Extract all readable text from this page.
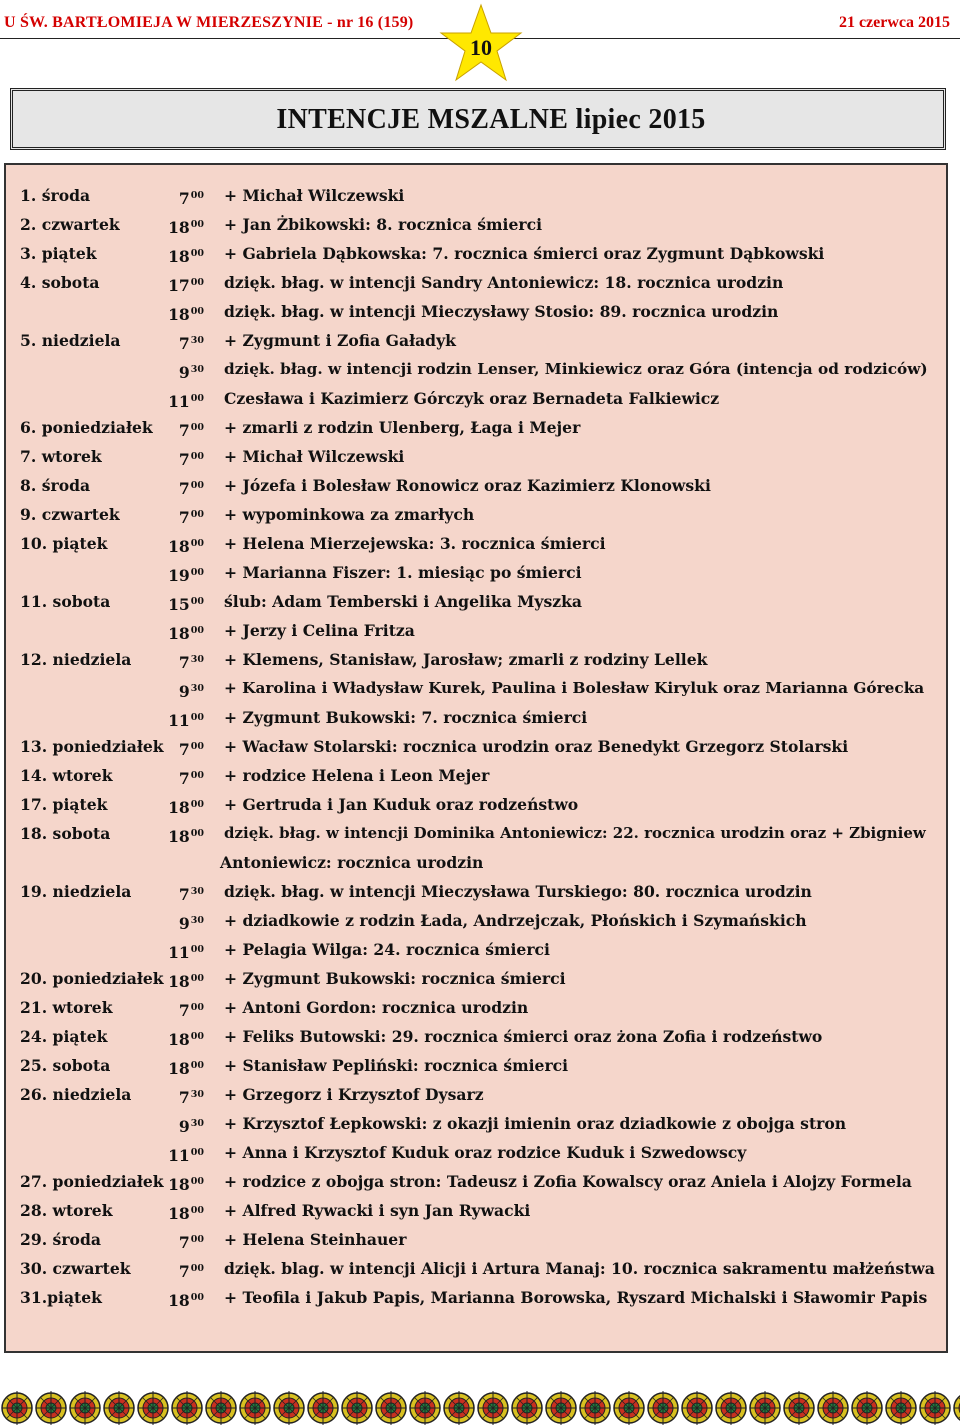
U ŚW. BARTŁOMIEJA W MIERZESZYNIE - nr 16 (159)	21 czerwca 2015
10
INTENCJE MSZALNE lipiec 2015
1. środa	$7^{00}$ + Michał Wilczewski
2. czwartek	$18^{00}$ + Jan Żbikowski: 8. rocznica śmierci
3. piątek	$18^{00}$ + Gabriela Dąbkowska: 7. rocznica śmierci oraz Zygmunt Dąbkowski
4. sobota	$17^{00}$ dzięk. błag. w intencji Sandry Antoniewicz: 18. rocznica urodzin
$18^{00}$ dzięk. błag. w intencji Mieczysławy Stosio: 89. rocznica urodzin
5. niedziela	$7^{30}$ + Zygmunt i Zofia Gaładyk
$9^{30}$ dzięk. błag. w intencji rodzin Lenser, Minkiewicz oraz Góra (intencja od rodziców)
$11^{00}$ Czesława i Kazimierz Górczyk oraz Bernadeta Falkiewicz
6. poniedziałek	$7^{00}$ + zmarli z rodzin Ulenberg, Łaga i Mejer
7. wtorek	$7^{00}$ + Michał Wilczewski
8. środa	$7^{00}$ + Józefa i Bolesław Ronowicz oraz Kazimierz Klonowski
9. czwartek	$7^{00}$ + wypominkowa za zmarłych
10. piątek	$18^{00}$ + Helena Mierzejewska: 3. rocznica śmierci
$19^{00}$ + Marianna Fiszer: 1. miesiąc po śmierci
11. sobota	$15^{00}$ ślub: Adam Temberski i Angelika Myszka
$18^{00}$ + Jerzy i Celina Fritza
12. niedziela	$7^{30}$ + Klemens, Stanisław, Jarosław; zmarli z rodziny Lellek
$9^{30}$ + Karolina i Władysław Kurek, Paulina i Bolesław Kiryluk oraz Marianna Górecka
$11^{00}$ + Zygmunt Bukowski: 7. rocznica śmierci
13. poniedziałek $7^{00}$ + Wacław Stolarski: rocznica urodzin oraz Benedykt Grzegorz Stolarski
14. wtorek	$7^{00}$ + rodzice Helena i Leon Mejer
17. piątek	$18^{00}$ + Gertruda i Jan Kuduk oraz rodzeństwo
18. sobota	$18^{00}$ dzięk. błag. w intencji Dominika Antoniewicz: 22. rocznica urodzin oraz + Zbigniew
Antoniewicz: rocznica urodzin
19. niedziela	$7^{30}$ dzięk. błag. w intencji Mieczysława Turskiego: 80. rocznica urodzin
$9^{30}$ + dziadkowie z rodzin Łada, Andrzejczak, Płońskich i Szymańskich
$11^{00}$ + Pelagia Wilga: 24. rocznica śmierci
20. poniedziałek $18^{00}$ + Zygmunt Bukowski: rocznica śmierci
21. wtorek	$7^{00}$ + Antoni Gordon: rocznica urodzin
24. piątek	$18^{00}$ + Feliks Butowski: 29. rocznica śmierci oraz żona Zofia i rodzeństwo
25. sobota	$18^{00}$ + Stanisław Pepliński: rocznica śmierci
26. niedziela	$7^{30}$ + Grzegorz i Krzysztof Dysarz
$9^{30}$ + Krzysztof Łepkowski: z okazji imienin oraz dziadkowie z obojga stron
$11^{00}$ + Anna i Krzysztof Kuduk oraz rodzice Kuduk i Szwedowscy
27. poniedziałek $18^{00}$ + rodzice z obojga stron: Tadeusz i Zofia Kowalscy oraz Aniela i Alojzy Formela
28. wtorek	$18^{00}$ + Alfred Rywacki i syn Jan Rywacki
29. środa	$7^{00}$ + Helena Steinhauer
30. czwartek	$7^{00}$ dzięk. blag. w intencji Alicji i Artura Manaj: 10. rocznica sakramentu małżeństwa
31.piątek	$18^{00}$ + Teofila i Jakub Papis, Marianna Borowska, Ryszard Michalski i Sławomir Papis
